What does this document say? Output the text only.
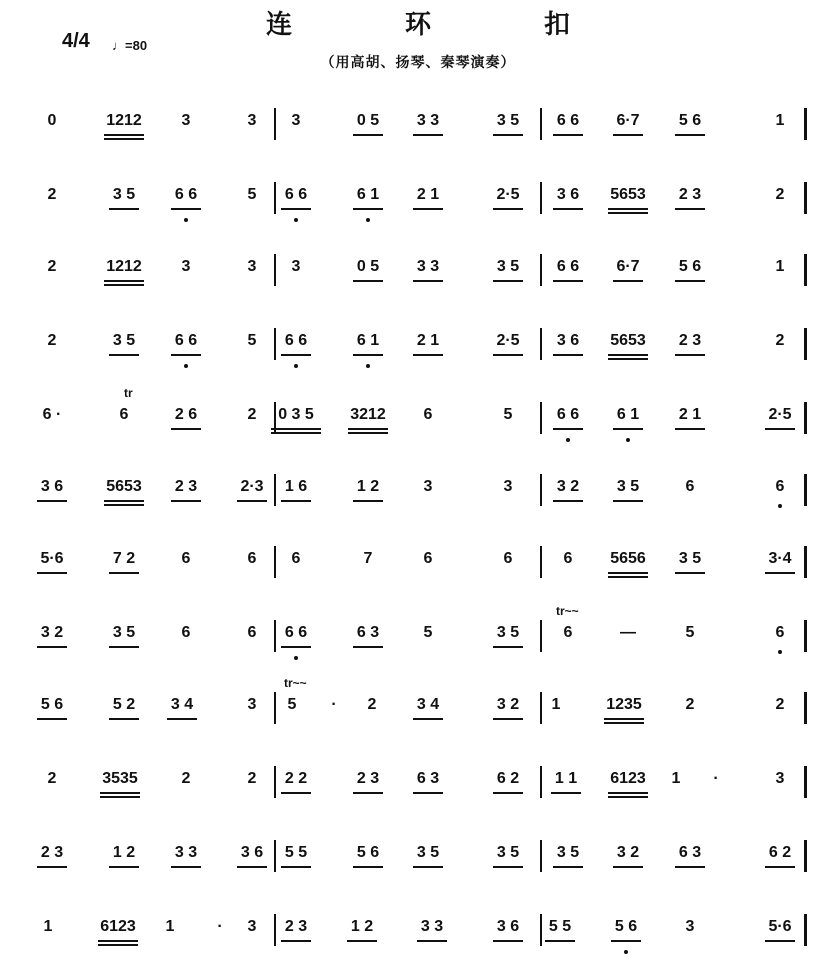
连 环 扣
4/4 ♩=80
（用高胡、扬琴、秦琴演奏）
0	1212	3	3	3	0 5	3 3	3 5	6 6	6·7	5 6	1
2	3 5	6 6	5	6 6	6 1	2 1	2·5	3 6	5653	2 3	2
2	1212	3	3	3	0 5	3 3	3 5	6 6	6·7	5 6	1
2	3 5	6 6	5	6 6	6 1	2 1	2·5	3 6	5653	2 3	2
6 ·	6	2 6	2	0 3 5 3212	6	5	6 6	6 1	2 1	2·5
tr
3 6	5653	2 3	2·3	1 6	1 2	3	3	3 2	3 5	6	6
5·6	7 2	6	6	6	7	6	6	6	5656	3 5	3·4
3 2	3 5	6	6	6 6	6 3	5	3 5	6	—	5	6
tr~~
5 6	5 2	3 4	3	5	·	2	3 4	3 2	1	1235	2	2
tr~~
2	3535	2	2	2 2	2 3	6 3	6 2	1 1	6123	1	·	3
2 3	1 2	3 3	3 6	5 5	5 6	3 5	3 5	3 5	3 2	6 3	6 2
1	6123	1	·	3	2 3	1 2	3 3	3 6	5 5	5 6	3	5·6
